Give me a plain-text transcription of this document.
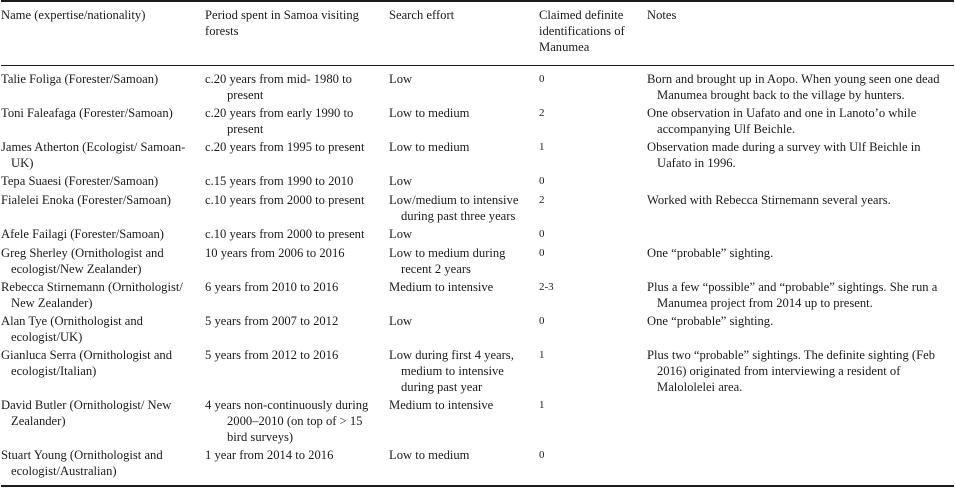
Name (expertise/nationality)	Period spent in Samoa visiting forests	Search effort	Claimed definite identifications of Manumea	Notes
Talie Foliga (Forester/Samoan)	c.20 years from mid- 1980 to present	Low	0	Born and brought up in Aopo. When young seen one dead Manumea brought back to the village by hunters.
Toni Faleafaga (Forester/Samoan)	c.20 years from early 1990 to present	Low to medium	2	One observation in Uafato and one in Lanoto’o while accompanying Ulf Beichle.
James Atherton (Ecologist/ Samoan-UK)	c.20 years from 1995 to present	Low to medium	1	Observation made during a survey with Ulf Beichle in Uafato in 1996.
Tepa Suaesi (Forester/Samoan)	c.15 years from 1990 to 2010	Low	0	
Fialelei Enoka (Forester/Samoan)	c.10 years from 2000 to present	Low/medium to intensive during past three years	2	Worked with Rebecca Stirnemann several years.
Afele Failagi (Forester/Samoan)	c.10 years from 2000 to present	Low	0	
Greg Sherley (Ornithologist and ecologist/New Zealander)	10 years from 2006 to 2016	Low to medium during recent 2 years	0	One “probable” sighting.
Rebecca Stirnemann (Ornithologist/ New Zealander)	6 years from 2010 to 2016	Medium to intensive	2-3	Plus a few “possible” and “probable” sightings. She run a Manumea project from 2014 up to present.
Alan Tye (Ornithologist and ecologist/UK)	5 years from 2007 to 2012	Low	0	One “probable” sighting.
Gianluca Serra (Ornithologist and ecologist/Italian)	5 years from 2012 to 2016	Low during first 4 years, medium to intensive during past year	1	Plus two “probable” sightings. The definite sighting (Feb 2016) originated from interviewing a resident of Malololelei area.
David Butler (Ornithologist/ New Zealander)	4 years non-continuously during 2000–2010 (on top of > 15 bird surveys)	Medium to intensive	1	
Stuart Young (Ornithologist and ecologist/Australian)	1 year from 2014 to 2016	Low to medium	0	
